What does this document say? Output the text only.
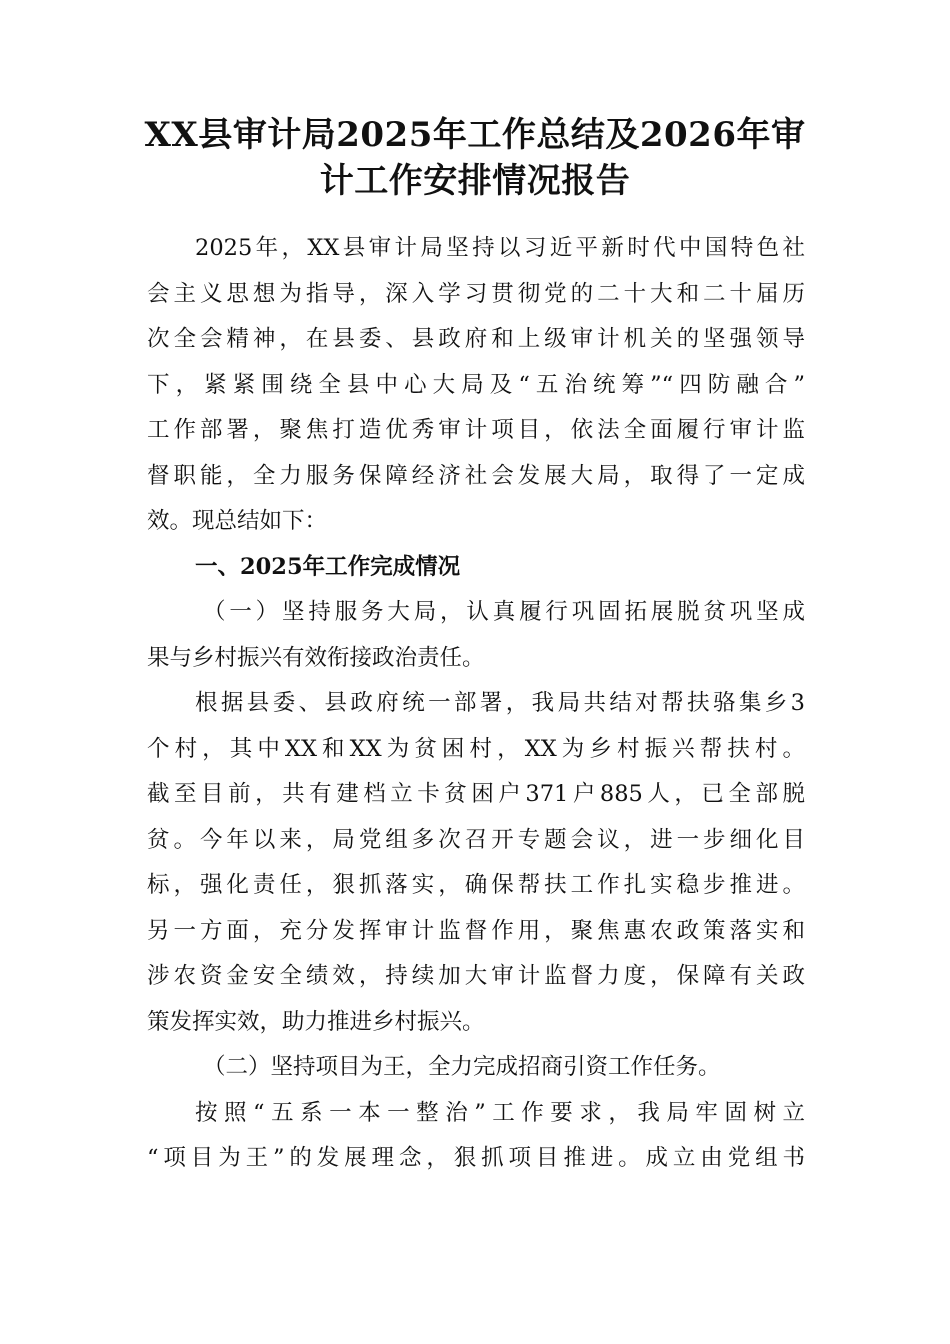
XX县审计局2025年工作总结及2026年审
计工作安排情况报告

2025年，XX县审计局坚持以习近平新时代中国特色社
会主义思想为指导，深入学习贯彻党的二十大和二十届历
次全会精神，在县委、县政府和上级审计机关的坚强领导
下，紧紧围绕全县中心大局及“五治统筹”“四防融合”
工作部署，聚焦打造优秀审计项目，依法全面履行审计监
督职能，全力服务保障经济社会发展大局，取得了一定成
效。现总结如下：

一、2025年工作完成情况

（一）坚持服务大局，认真履行巩固拓展脱贫巩坚成
果与乡村振兴有效衔接政治责任。

根据县委、县政府统一部署，我局共结对帮扶骆集乡3
个村，其中XX和XX为贫困村，XX为乡村振兴帮扶村。
截至目前，共有建档立卡贫困户371户885人，已全部脱
贫。今年以来，局党组多次召开专题会议，进一步细化目
标，强化责任，狠抓落实，确保帮扶工作扎实稳步推进。
另一方面，充分发挥审计监督作用，聚焦惠农政策落实和
涉农资金安全绩效，持续加大审计监督力度，保障有关政
策发挥实效，助力推进乡村振兴。

（二）坚持项目为王，全力完成招商引资工作任务。

按照“五系一本一整治”工作要求，我局牢固树立
“项目为王”的发展理念，狠抓项目推进。成立由党组书
